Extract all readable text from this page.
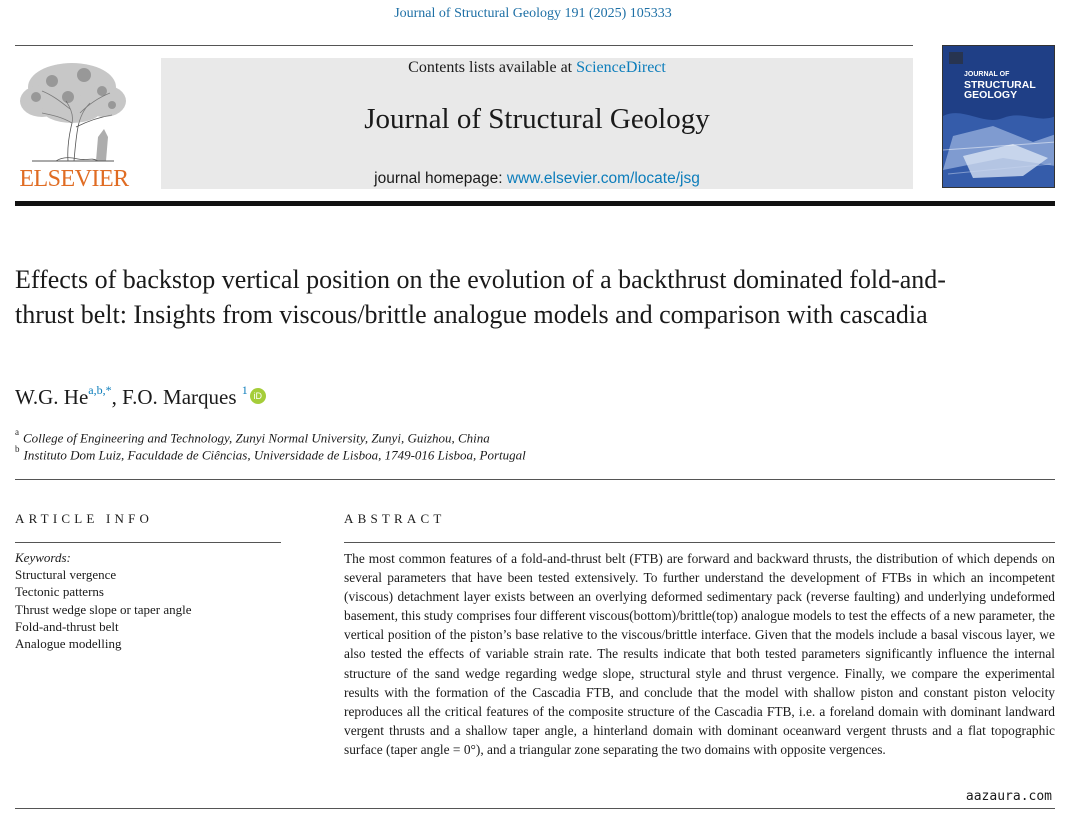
Journal of Structural Geology 191 (2025) 105333
ELSEVIER
Contents lists available at ScienceDirect
Journal of Structural Geology
journal homepage: www.elsevier.com/locate/jsg
JOURNAL OF
STRUCTURAL
GEOLOGY
Effects of backstop vertical position on the evolution of a backthrust dominated fold-and-thrust belt: Insights from viscous/brittle analogue models and comparison with cascadia
W.G. $He^{a,b,*}$, F.O. Marques $^1$ iD
$^a$ College of Engineering and Technology, Zunyi Normal University, Zunyi, Guizhou, China
$^b$ Instituto Dom Luiz, Faculdade de Ciências, Universidade de Lisboa, 1749-016 Lisboa, Portugal
ARTICLE INFO
Keywords:
Structural vergence
Tectonic patterns
Thrust wedge slope or taper angle
Fold-and-thrust belt
Analogue modelling
ABSTRACT

The most common features of a fold-and-thrust belt (FTB) are forward and backward thrusts, the distribution of which depends on several parameters that have been tested extensively. To further understand the development of FTBs in which an incompetent (viscous) detachment layer exists between an overlying deformed sedimentary pack (reverse faulting) and underlying undeformed basement, this study comprises four different viscous(bottom)/brittle(top) analogue models to test the effects of a new parameter, the vertical position of the piston’s base relative to the viscous/brittle interface. Given that the models include a basal viscous layer, we also tested the effects of variable strain rate. The results indicate that both tested parameters significantly influence the internal structure of the sand wedge regarding wedge slope, structural style and thrust vergence. Finally, we compare the experimental results with the formation of the Cascadia FTB, and conclude that the model with shallow piston and constant piston velocity reproduces all the critical features of the composite structure of the Cascadia FTB, i.e. a foreland domain with dominant landward vergent thrusts and a shallow taper angle, a hinterland domain with dominant oceanward vergent thrusts and a flat topographic surface (taper angle = 0°), and a triangular zone separating the two domains with opposite vergences.

aazaura.com
